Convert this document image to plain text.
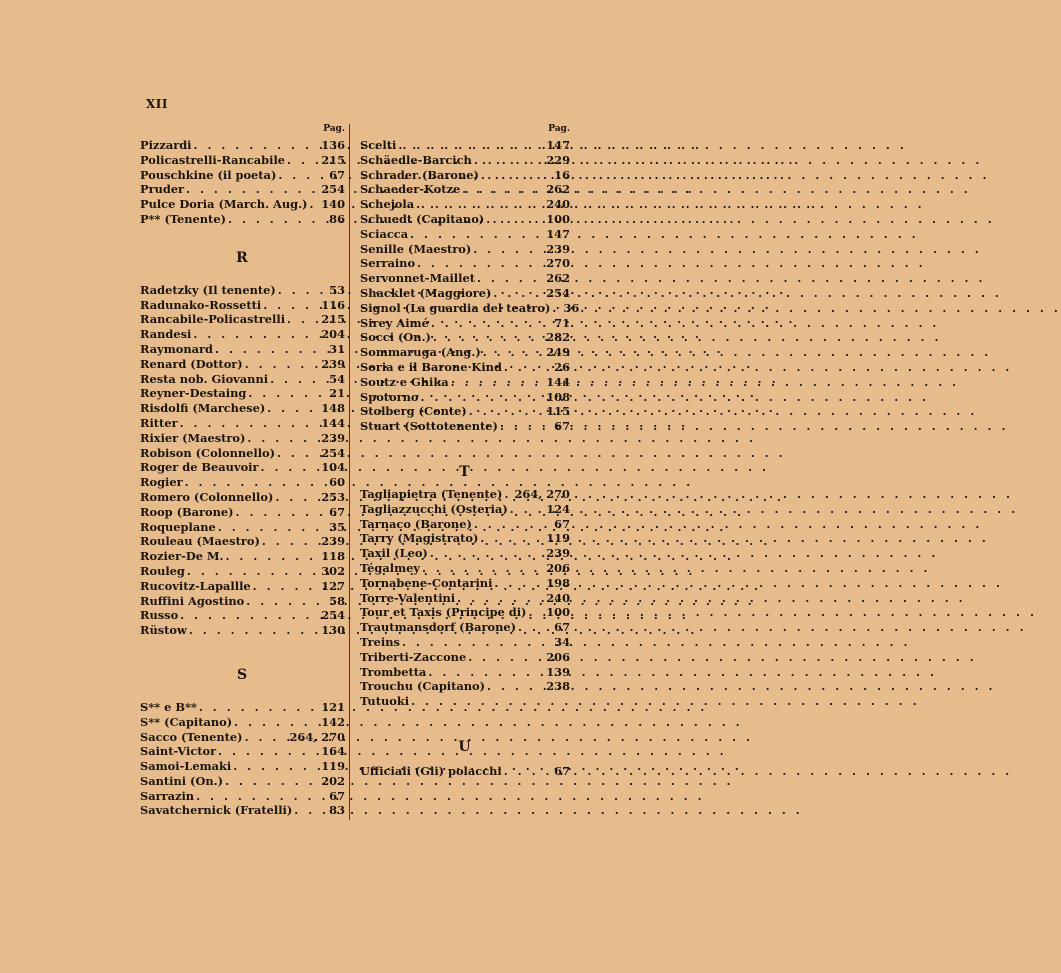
XII
Pag.
Pizzardi . . .	136
Policastrelli-Rancabile . . .	215
Pouschkine (il poeta) . . .	67
Pruder . . .	254
Pulce Doria (March. Aug.) . . . 140
P** (Tenente) . . .	86
R
Radetzky (Il tenente) . . .	53
Radunako-Rossetti . . .	116
Rancabile-Policastrelli . . .	215
Randesi . . .	204
Raymonard . . .	31
Renard (Dottor) . . .	239
Resta nob. Giovanni . . .	54
Reyner-Destaing . . .	21
Risdolfi (Marchese) . . .	148
Ritter . . .	144
Rixier (Maestro) . . .	239
Robison (Colonnello) . . .	254
Roger de Beauvoir . . .	104
Rogier . . .	60
Romero (Colonnello) . . .	253
Roop (Barone) . . .	67
Roqueplane . . .	35
Rouleau (Maestro) . . .	239
Rozier-De M. . . .	118
Rouleg . . .	302
Rucovitz-Lapallle . . .	127
Ruffini Agostino . . .	58
Russo . . .	254
Rüstow . . .	130
S
S** e B** . . .	121
S** (Capitano) . . .	142
Sacco (Tenente) . . .	264, 270
Saint-Victor . . .	164
Samoi-Lemaki . . .	119
Santini (On.) . . .	202
Sarrazin . . .	67
Savatchernick (Fratelli) . . .	83
Pag.
Scelti . . .	147
Schäedle-Barcich . . .	229
Schrader (Barone) . . .	16
Schaeder-Kotze . . .	262
Schejola . . .	240
Schuedt (Capitano) . . .	100
Sciacca . . .	147
Senille (Maestro) . . .	239
Serraino . . .	270
Servonnet-Maillet . . .	262
Shacklet (Maggiore) . . .	254
Signol (La guardia del teatro) . . .	36
Sirey Aimé . . .	71
Socci (On.) . . .	282
Sommaruga (Ang.) . . .	249
Soria e il Barone Kind . . .	26
Soutz e Ghika . . .	144
Spotorno . . .	108
Stolberg (Conte) . . .	115
Stuart (Sottotenente) . . .	67
T
Tagliapietra (Tenente) . . . 264, 270
Tagliazzucchi (Osteria) . . .	124
Tarnaco (Barone) . . .	67
Tarry (Magistrato) . . .	119
Taxil (Leo) . . .	239
Tégalmey . . .	206
Tornabene-Contarini . . .	198
Torre-Valentini . . .	240
Tour et Taxis (Principe di) . . . 100
Trautmansdorf (Barone) . . .	67
Treins . . .	34
Triberti-Zaccone . . .	206
Trombetta . . .	139
Trouchu (Capitano) . . .	238
Tutuoki
. . .
U
Ufficiali (Gli) polacchi . . .	67
